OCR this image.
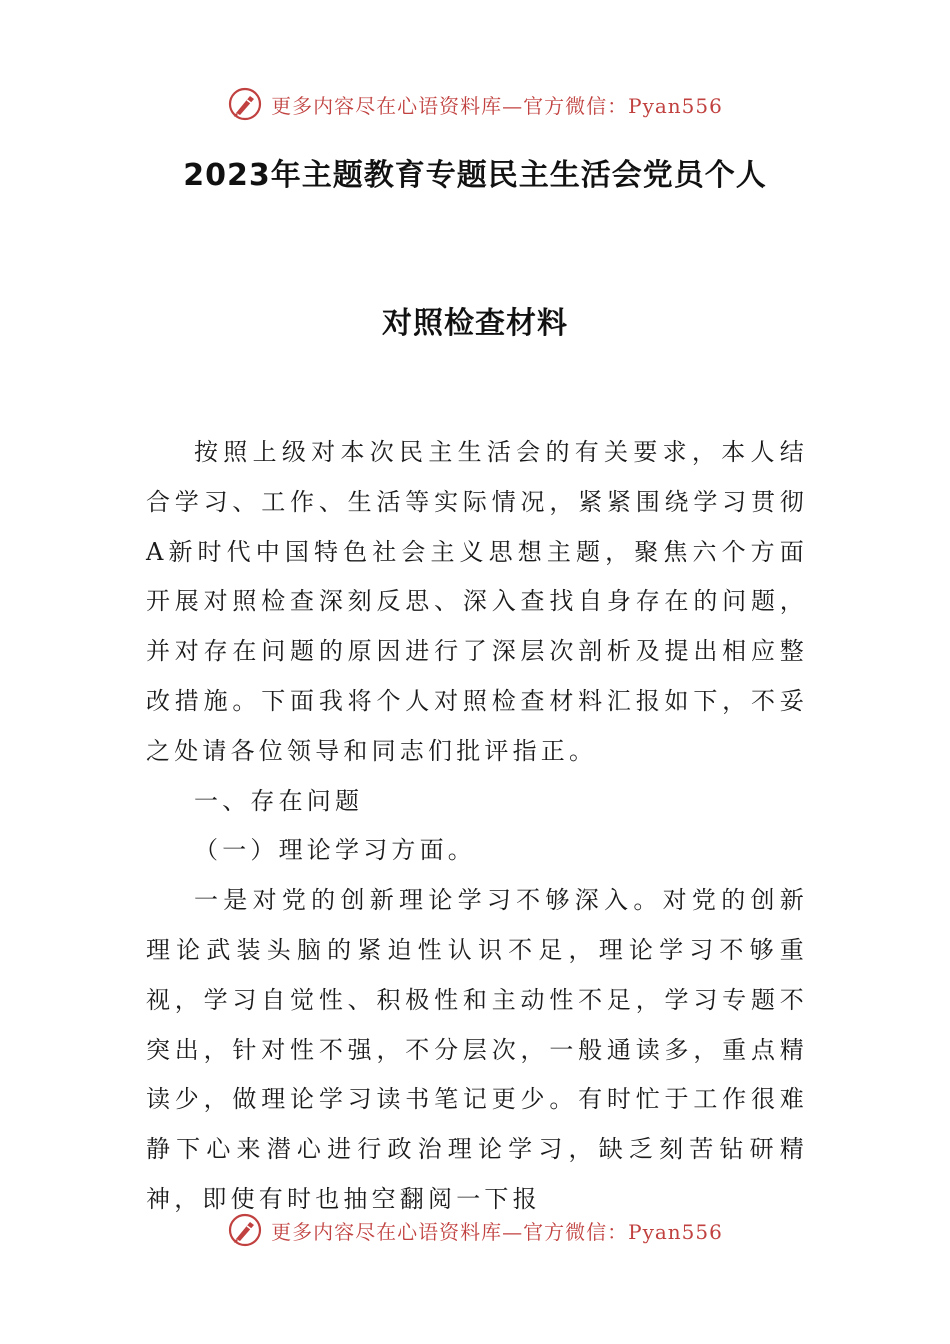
更多内容尽在心语资料库—官方微信：Pyan556
2023年主题教育专题民主生活会党员个人
对照检查材料

按照上级对本次民主生活会的有关要求，本人结合学习、工作、生活等实际情况，紧紧围绕学习贯彻A新时代中国特色社会主义思想主题，聚焦六个方面开展对照检查深刻反思、深入查找自身存在的问题，并对存在问题的原因进行了深层次剖析及提出相应整改措施。下面我将个人对照检查材料汇报如下，不妥之处请各位领导和同志们批评指正。

一、存在问题

（一）理论学习方面。

一是对党的创新理论学习不够深入。对党的创新理论武装头脑的紧迫性认识不足，理论学习不够重视，学习自觉性、积极性和主动性不足，学习专题不突出，针对性不强，不分层次，一般通读多，重点精读少，做理论学习读书笔记更少。有时忙于工作很难静下心来潜心进行政治理论学习，缺乏刻苦钻研精神，即使有时也抽空翻阅一下报

更多内容尽在心语资料库—官方微信：Pyan556
